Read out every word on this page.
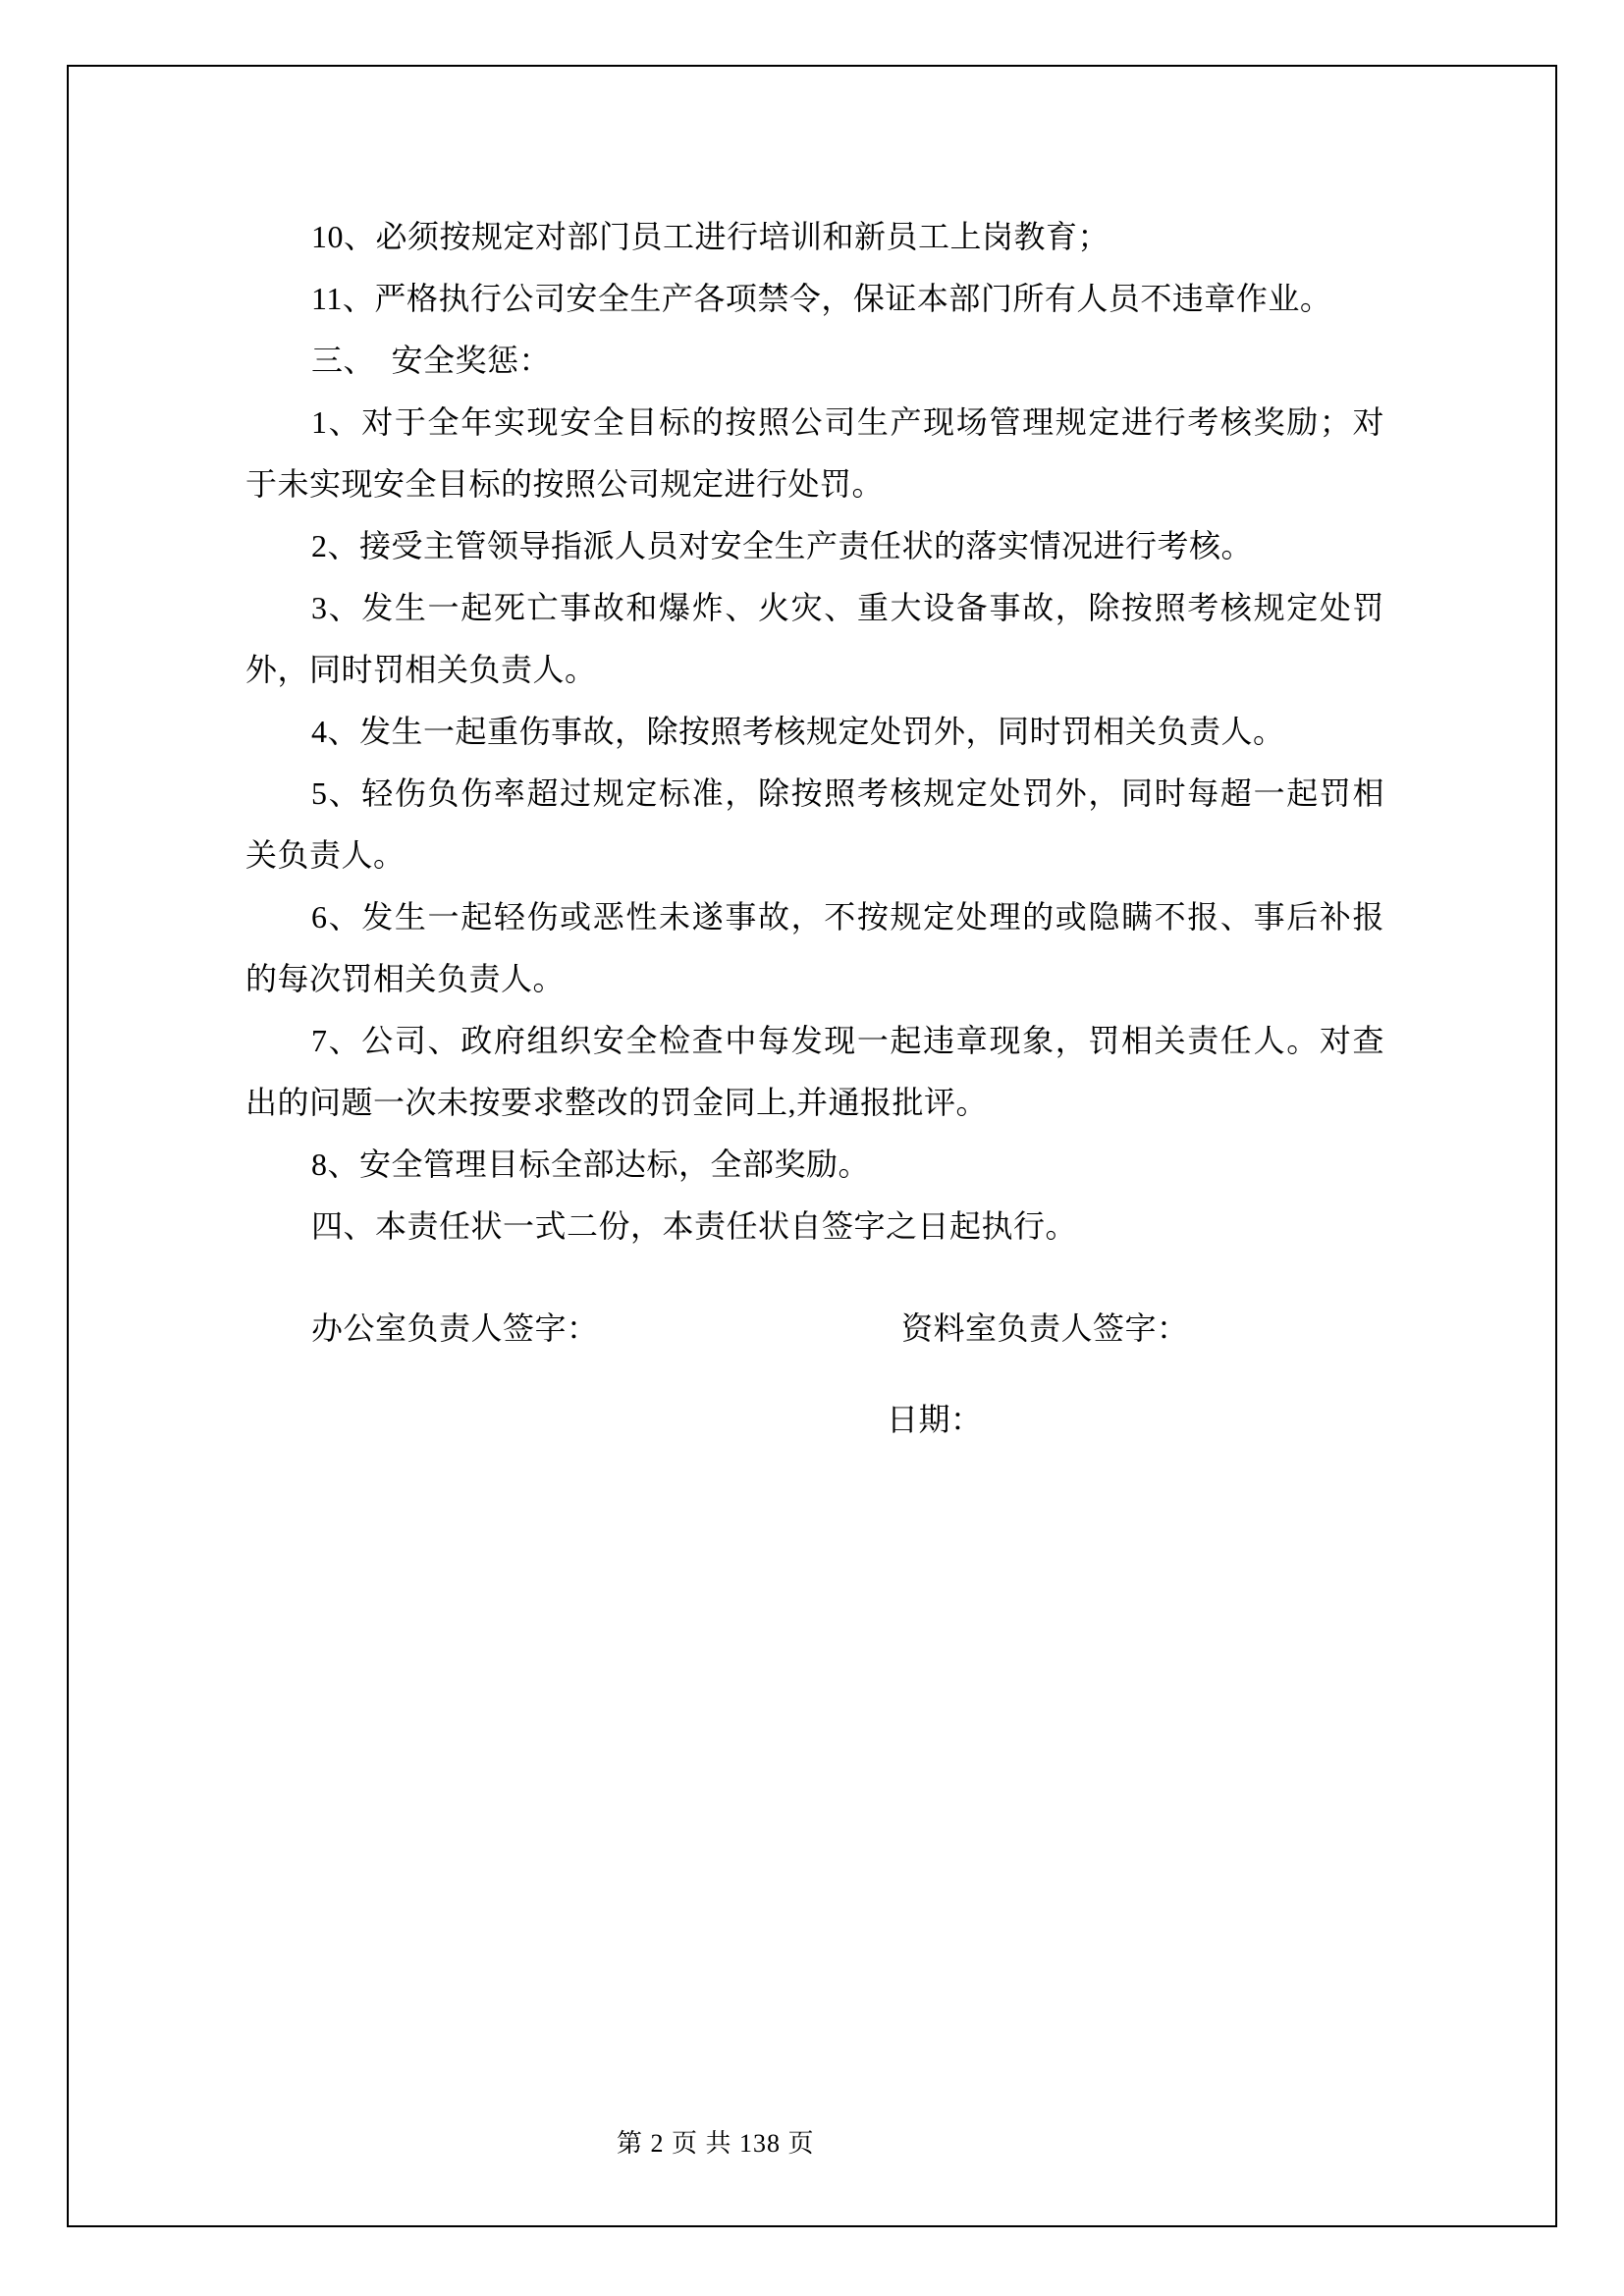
10、必须按规定对部门员工进行培训和新员工上岗教育；
11、严格执行公司安全生产各项禁令，保证本部门所有人员不违章作业。
三、　安全奖惩：
1、对于全年实现安全目标的按照公司生产现场管理规定进行考核奖励；对
于未实现安全目标的按照公司规定进行处罚。
2、接受主管领导指派人员对安全生产责任状的落实情况进行考核。
3、发生一起死亡事故和爆炸、火灾、重大设备事故，除按照考核规定处罚
外，同时罚相关负责人。
4、发生一起重伤事故，除按照考核规定处罚外，同时罚相关负责人。
5、轻伤负伤率超过规定标准，除按照考核规定处罚外，同时每超一起罚相
关负责人。
6、发生一起轻伤或恶性未遂事故，不按规定处理的或隐瞒不报、事后补报
的每次罚相关负责人。
7、公司、政府组织安全检查中每发现一起违章现象，罚相关责任人。对查
出的问题一次未按要求整改的罚金同上,并通报批评。
8、安全管理目标全部达标，全部奖励。
四、本责任状一式二份，本责任状自签字之日起执行。
办公室负责人签字：	资料室负责人签字：
日期：
第 2 页 共 138 页
